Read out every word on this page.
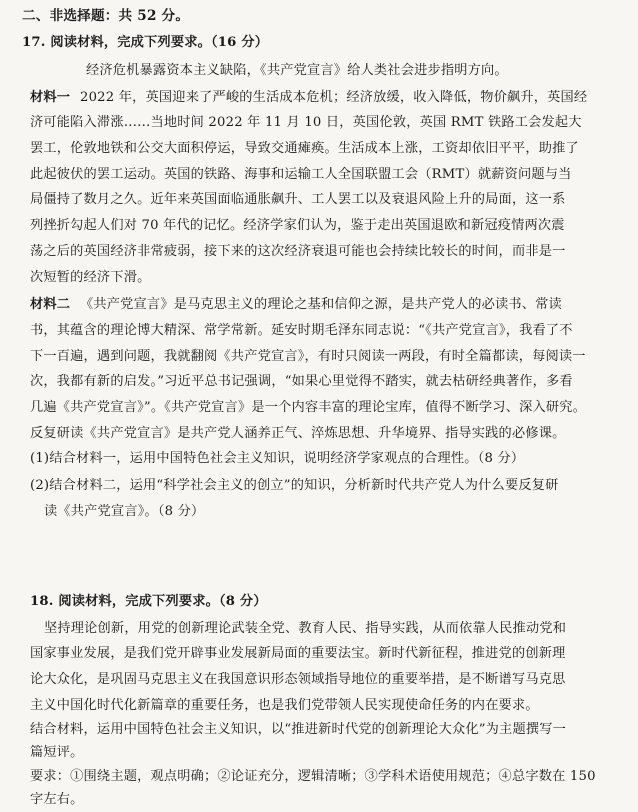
二、非选择题：共 52 分。
17. 阅读材料，完成下列要求。（16 分）
经济危机暴露资本主义缺陷，《共产党宣言》给人类社会进步指明方向。
材料一 2022 年，英国迎来了严峻的生活成本危机；经济放缓，收入降低，物价飙升，英国经
济可能陷入滞涨……当地时间 2022 年 11 月 10 日，英国伦敦，英国 RMT 铁路工会发起大
罢工，伦敦地铁和公交大面积停运，导致交通瘫痪。生活成本上涨，工资却依旧平平，助推了
此起彼伏的罢工运动。英国的铁路、海事和运输工人全国联盟工会（RMT）就薪资问题与当
局僵持了数月之久。近年来英国面临通胀飙升、工人罢工以及衰退风险上升的局面，这一系
列挫折勾起人们对 70 年代的记忆。经济学家们认为，鉴于走出英国退欧和新冠疫情两次震
荡之后的英国经济非常疲弱，接下来的这次经济衰退可能也会持续比较长的时间，而非是一
次短暂的经济下滑。
材料二 《共产党宣言》是马克思主义的理论之基和信仰之源，是共产党人的必读书、常读
书，其蕴含的理论博大精深、常学常新。延安时期毛泽东同志说：“《共产党宣言》，我看了不
下一百遍，遇到问题，我就翻阅《共产党宣言》，有时只阅读一两段，有时全篇都读，每阅读一
次，我都有新的启发。”习近平总书记强调，“如果心里觉得不踏实，就去枯研经典著作，多看
几遍《共产党宣言》”。《共产党宣言》是一个内容丰富的理论宝库，值得不断学习、深入研究。
反复研读《共产党宣言》是共产党人涵养正气、淬炼思想、升华境界、指导实践的必修课。
(1)结合材料一，运用中国特色社会主义知识，说明经济学家观点的合理性。（8 分）
(2)结合材料二，运用“科学社会主义的创立”的知识，分析新时代共产党人为什么要反复研
读《共产党宣言》。（8 分）
18. 阅读材料，完成下列要求。（8 分）
坚持理论创新，用党的创新理论武装全党、教育人民、指导实践，从而依靠人民推动党和
国家事业发展，是我们党开辟事业发展新局面的重要法宝。新时代新征程，推进党的创新理
论大众化，是巩固马克思主义在我国意识形态领域指导地位的重要举措，是不断谱写马克思
主义中国化时代化新篇章的重要任务，也是我们党带领人民实现使命任务的内在要求。
结合材料，运用中国特色社会主义知识，以“推进新时代党的创新理论大众化”为主题撰写一
篇短评。
要求：①围绕主题，观点明确；②论证充分，逻辑清晰；③学科术语使用规范；④总字数在 150
字左右。
